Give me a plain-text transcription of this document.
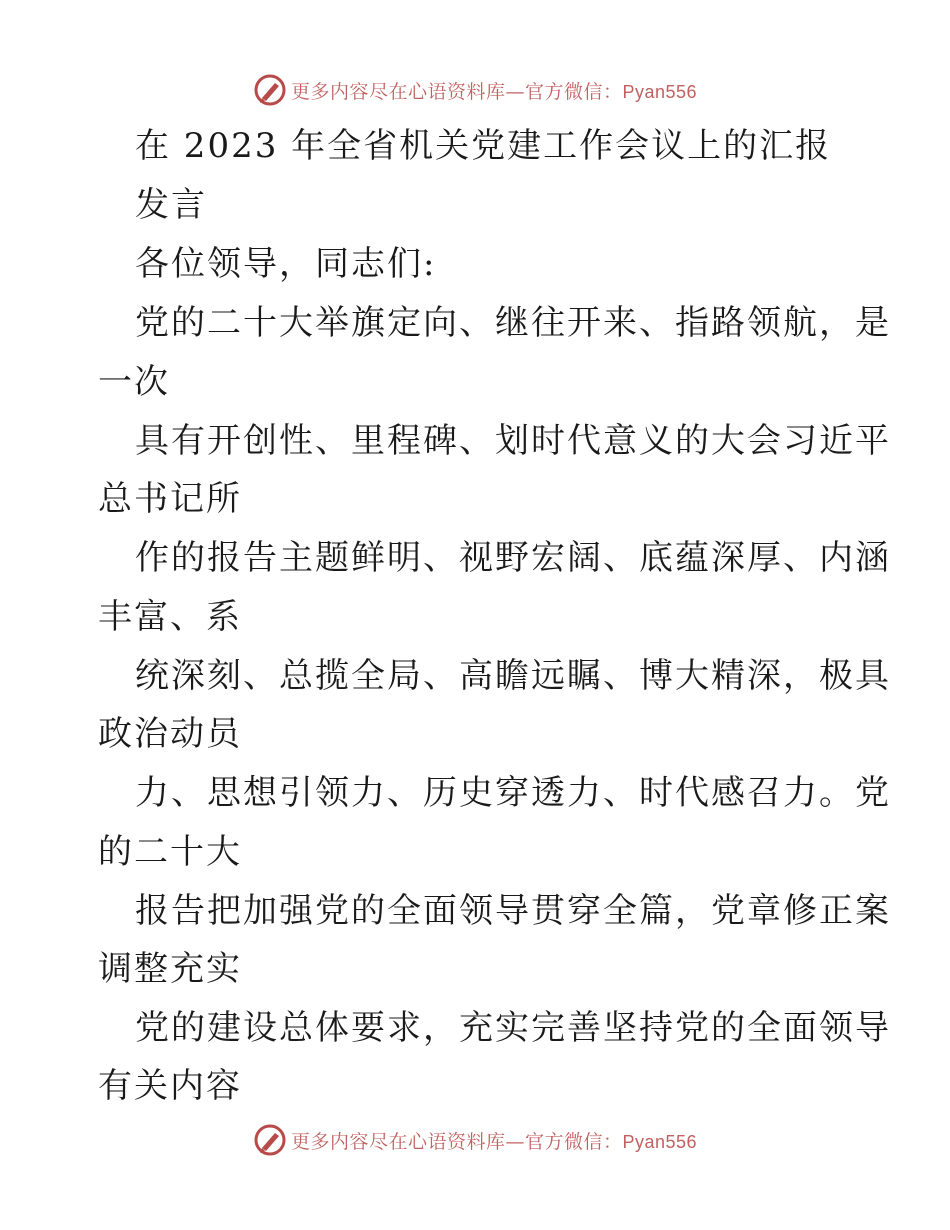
更多内容尽在心语资料库—官方微信：Pyan556
在 2023 年全省机关党建工作会议上的汇报
发言
各位领导，同志们:
党的二十大举旗定向、继往开来、指路领航，是
一次
具有开创性、里程碑、划时代意义的大会习近平
总书记所
作的报告主题鲜明、视野宏阔、底蕴深厚、内涵
丰富、系
统深刻、总揽全局、高瞻远瞩、博大精深，极具
政治动员
力、思想引领力、历史穿透力、时代感召力。党
的二十大
报告把加强党的全面领导贯穿全篇，党章修正案
调整充实
党的建设总体要求，充实完善坚持党的全面领导
有关内容
更多内容尽在心语资料库—官方微信：Pyan556
